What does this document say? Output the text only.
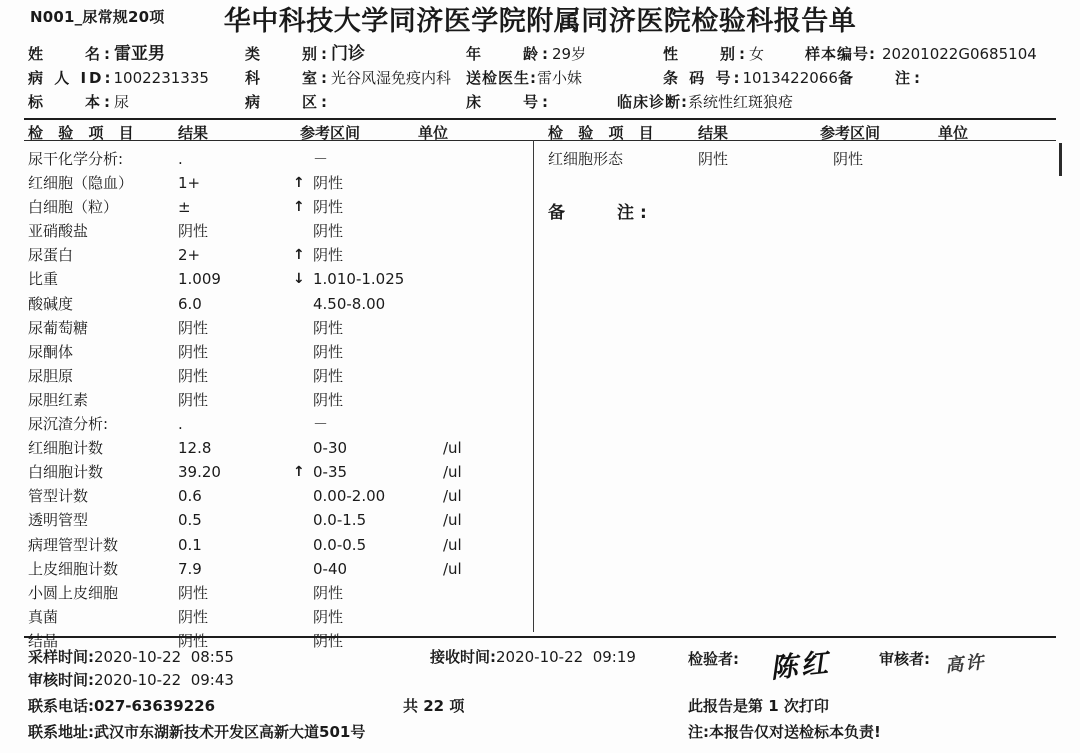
N001_尿常规20项	华中科技大学同济医学院附属同济医院检验科报告单
姓　　名:雷亚男	类　　别:门诊	年　　龄:29岁	性　　别:女	样本编号: 20201022G0685104
病 人 ID:1002231335 科　　室:光谷风湿免疫内科 送检医生:雷小妹	条 码 号:1013422066 备　　注:
标　　本:尿	病　　区:	床　　号:	临床诊断:系统性红斑狼疮
检 验 项 目	结果	参考区间	单位	检 验 项 目	结果	参考区间	单位
尿干化学分析:	.	－
红细胞（隐血）	1+	↑ 阴性
白细胞（粒）	±	↑ 阴性
亚硝酸盐	阴性	阴性
尿蛋白	2+	↑ 阴性
比重	1.009	↓ 1.010-1.025
酸碱度	6.0	4.50-8.00
尿葡萄糖	阴性	阴性
尿酮体	阴性	阴性
尿胆原	阴性	阴性
尿胆红素	阴性	阴性
尿沉渣分析:	.	－
红细胞计数	12.8	0-30	/ul
白细胞计数	39.20	↑ 0-35	/ul
管型计数	0.6	0.00-2.00	/ul
透明管型	0.5	0.0-1.5	/ul
病理管型计数	0.1	0.0-0.5	/ul
上皮细胞计数	7.9	0-40	/ul
小圆上皮细胞	阴性	阴性
真菌	阴性	阴性
结晶	阴性	阴性
红细胞形态	阴性	阴性
备　　注:
采样时间:2020-10-22  08:55	接收时间:2020-10-22  09:19
审核时间:2020-10-22  09:43
检验者: 陈 红	审核者: 高 许
联系电话:027-63639226	共 22 项	此报告是第 1 次打印
联系地址:武汉市东湖新技术开发区高新大道501号	注:本报告仅对送检标本负责!
